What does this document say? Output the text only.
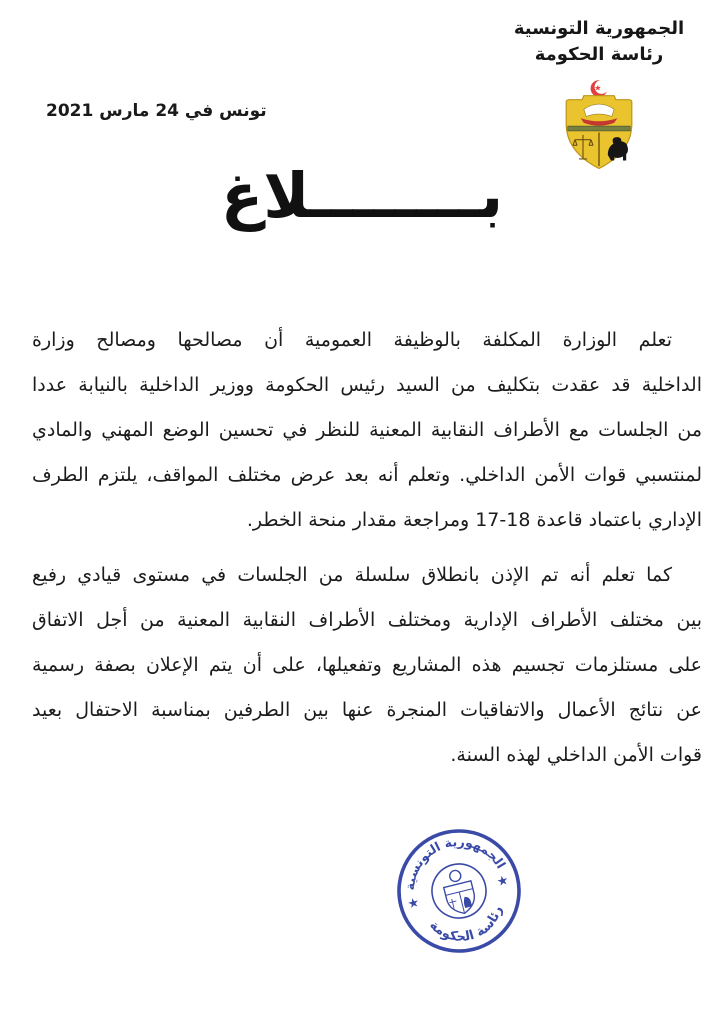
الجمهورية التونسية
رئاسة الحكومة
تونس في 24 مارس 2021
بــــــــلاغ
تعلم الوزارة المكلفة بالوظيفة العمومية أن مصالحها ومصالح وزارة
الداخلية قد عقدت بتكليف من السيد رئيس الحكومة ووزير الداخلية بالنيابة عددا
من الجلسات مع الأطراف النقابية المعنية للنظر في تحسين الوضع المهني والمادي
لمنتسبي قوات الأمن الداخلي. وتعلم أنه بعد عرض مختلف المواقف، يلتزم الطرف
الإداري باعتماد قاعدة 18-17 ومراجعة مقدار منحة الخطر.
كما تعلم أنه تم الإذن بانطلاق سلسلة من الجلسات في مستوى قيادي رفيع
بين مختلف الأطراف الإدارية ومختلف الأطراف النقابية المعنية من أجل الاتفاق
على مستلزمات تجسيم هذه المشاريع وتفعيلها، على أن يتم الإعلان بصفة رسمية
عن نتائج الأعمال والاتفاقيات المنجرة عنها بين الطرفين بمناسبة الاحتفال بعيد
قوات الأمن الداخلي لهذه السنة.
الجمهورية التونسية
رئاسة الحكومة
★
★
